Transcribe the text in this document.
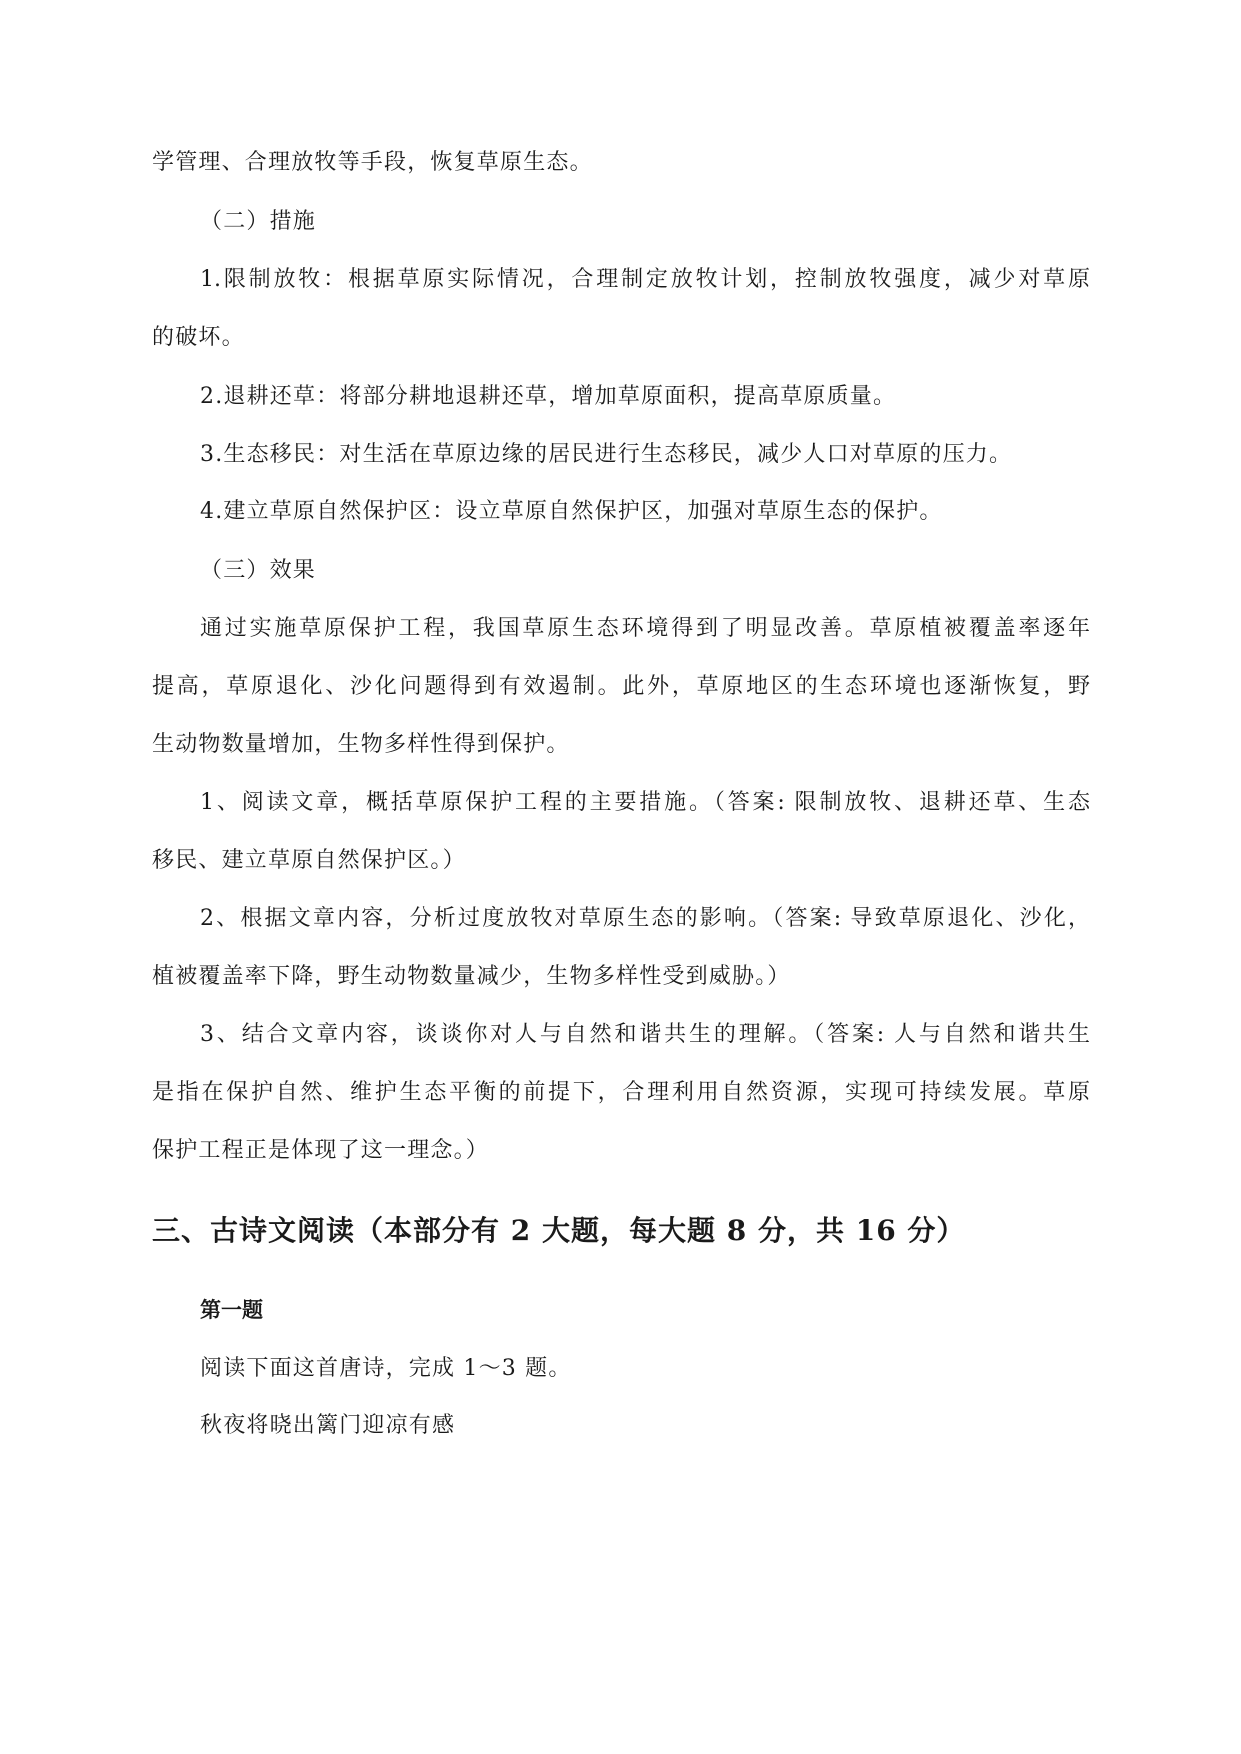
学管理、合理放牧等手段，恢复草原生态。
（二）措施
1.限制放牧：根据草原实际情况，合理制定放牧计划，控制放牧强度，减少对草原
的破坏。
2.退耕还草：将部分耕地退耕还草，增加草原面积，提高草原质量。
3.生态移民：对生活在草原边缘的居民进行生态移民，减少人口对草原的压力。
4.建立草原自然保护区：设立草原自然保护区，加强对草原生态的保护。
（三）效果
通过实施草原保护工程，我国草原生态环境得到了明显改善。草原植被覆盖率逐年
提高，草原退化、沙化问题得到有效遏制。此外，草原地区的生态环境也逐渐恢复，野
生动物数量增加，生物多样性得到保护。
1、阅读文章，概括草原保护工程的主要措施。（答案: 限制放牧、退耕还草、生态
移民、建立草原自然保护区。）
2、根据文章内容，分析过度放牧对草原生态的影响。（答案: 导致草原退化、沙化，
植被覆盖率下降，野生动物数量减少，生物多样性受到威胁。）
3、结合文章内容，谈谈你对人与自然和谐共生的理解。（答案: 人与自然和谐共生
是指在保护自然、维护生态平衡的前提下，合理利用自然资源，实现可持续发展。草原
保护工程正是体现了这一理念。）
三、古诗文阅读（本部分有 2 大题，每大题 8 分，共 16 分）
第一题
阅读下面这首唐诗，完成 1～3 题。
秋夜将晓出篱门迎凉有感
